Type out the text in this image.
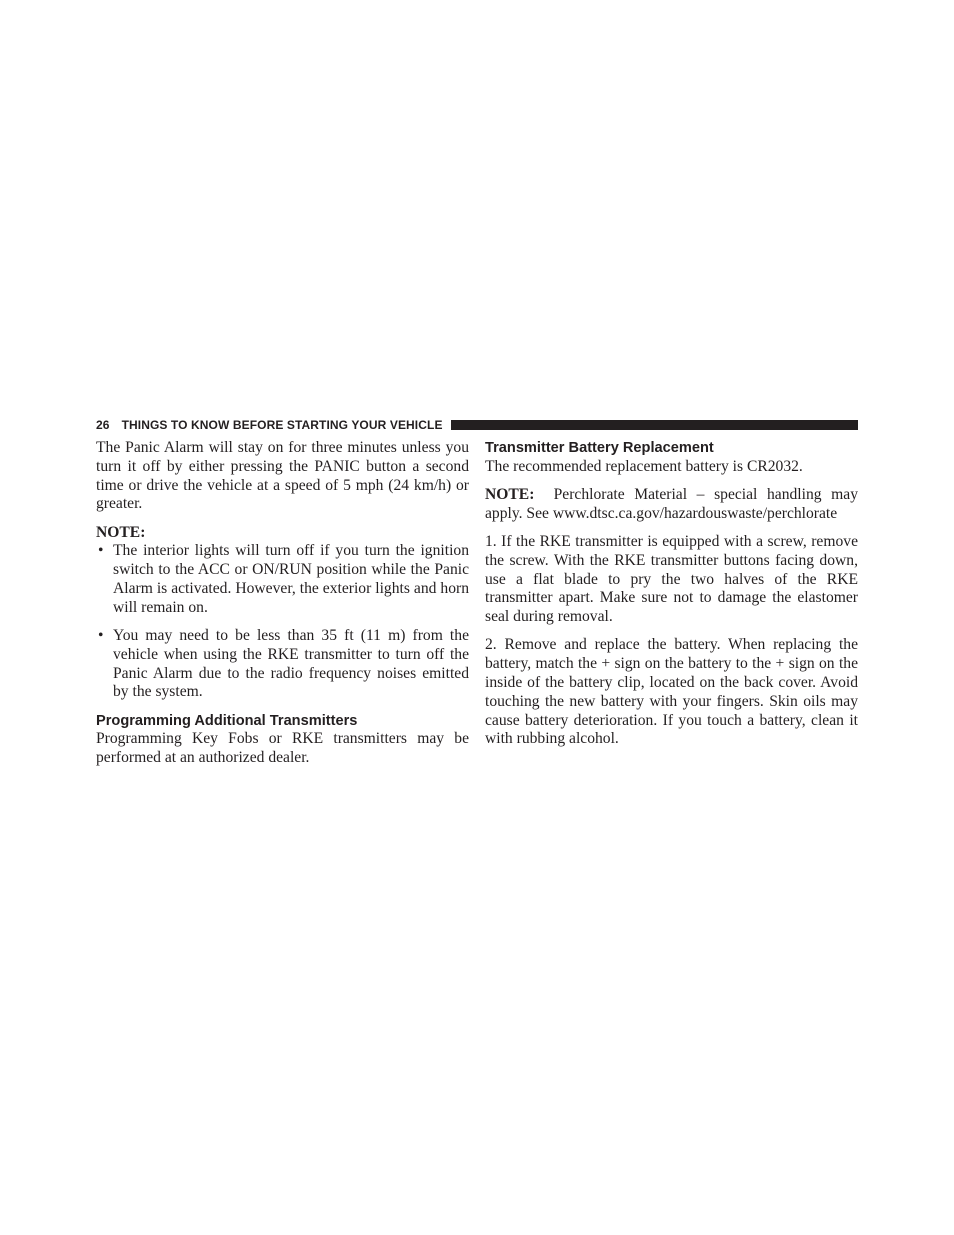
26 THINGS TO KNOW BEFORE STARTING YOUR VEHICLE

The Panic Alarm will stay on for three minutes unless you turn it off by either pressing the PANIC button a second time or drive the vehicle at a speed of 5 mph (24 km/h) or greater.

NOTE:

• The interior lights will turn off if you turn the ignition switch to the ACC or ON/RUN position while the Panic Alarm is activated. However, the exterior lights and horn will remain on.
• You may need to be less than 35 ft (11 m) from the vehicle when using the RKE transmitter to turn off the Panic Alarm due to the radio frequency noises emitted by the system.
Programming Additional Transmitters

Programming Key Fobs or RKE transmitters may be performed at an authorized dealer.

Transmitter Battery Replacement

The recommended replacement battery is CR2032.

NOTE: Perchlorate Material – special handling may apply. See www.dtsc.ca.gov/hazardouswaste/perchlorate

1. If the RKE transmitter is equipped with a screw, remove the screw. With the RKE transmitter buttons facing down, use a flat blade to pry the two halves of the RKE transmitter apart. Make sure not to damage the elastomer seal during removal.

2. Remove and replace the battery. When replacing the battery, match the + sign on the battery to the + sign on the inside of the battery clip, located on the back cover. Avoid touching the new battery with your fingers. Skin oils may cause battery deterioration. If you touch a battery, clean it with rubbing alcohol.
